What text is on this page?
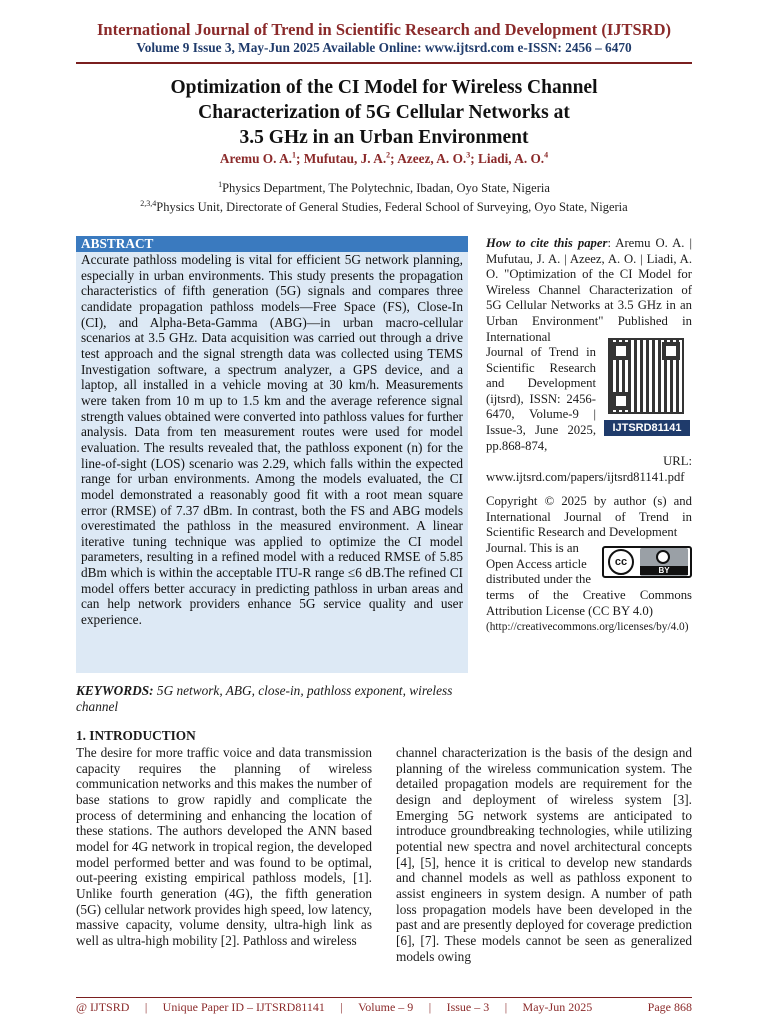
International Journal of Trend in Scientific Research and Development (IJTSRD)
Volume 9 Issue 3, May-Jun 2025 Available Online: www.ijtsrd.com e-ISSN: 2456 – 6470
Optimization of the CI Model for Wireless Channel
Characterization of 5G Cellular Networks at
3.5 GHz in an Urban Environment
Aremu O. A.$^1$; Mufutau, J. A.$^2$; Azeez, A. O.$^3$; Liadi, A. O.$^4$
$^1$Physics Department, The Polytechnic, Ibadan, Oyo State, Nigeria
$^{2,3,4}$Physics Unit, Directorate of General Studies, Federal School of Surveying, Oyo State, Nigeria
ABSTRACT
Accurate pathloss modeling is vital for efficient 5G network planning, especially in urban environments. This study presents the propagation characteristics of fifth generation (5G) signals and compares three candidate propagation pathloss models—Free Space (FS), Close-In (CI), and Alpha-Beta-Gamma (ABG)—in urban macro-cellular scenarios at 3.5 GHz. Data acquisition was carried out through a drive test approach and the signal strength data was collected using TEMS Investigation software, a spectrum analyzer, a GPS device, and a laptop, all installed in a vehicle moving at 30 km/h. Measurements were taken from 10 m up to 1.5 km and the average reference signal strength values obtained were converted into pathloss values for further analysis. Data from ten measurement routes were used for model evaluation. The results revealed that, the pathloss exponent (n) for the line-of-sight (LOS) scenario was 2.29, which falls within the expected range for urban environments. Among the models evaluated, the CI model demonstrated a reasonably good fit with a root mean square error (RMSE) of 7.37 dBm. In contrast, both the FS and ABG models overestimated the pathloss in the measured environment. A linear iterative tuning technique was applied to optimize the CI model parameters, resulting in a refined model with a reduced RMSE of 5.85 dBm which is within the acceptable ITU-R range ≤6 dB.The refined CI model offers better accuracy in predicting pathloss in urban areas and can help network providers enhance 5G service quality and user experience.
KEYWORDS: 5G network, ABG, close-in, pathloss exponent, wireless channel
How to cite this paper: Aremu O. A. | Mufutau, J. A. | Azeez, A. O. | Liadi, A. O. "Optimization of the CI Model for Wireless Channel Characterization of 5G Cellular Networks at 3.5 GHz in an Urban Environment" Published in International
Journal of Trend in Scientific Research and Development (ijtsrd), ISSN: 2456-6470, Volume-9 | Issue-3, June 2025, pp.868-874,
IJTSRD81141
URL:
www.ijtsrd.com/papers/ijtsrd81141.pdf
Copyright © 2025 by author (s) and International Journal of Trend in Scientific Research and Development
Journal. This is an Open Access article distributed under the
cc
BY
terms of the Creative Commons Attribution License (CC BY 4.0)
(http://creativecommons.org/licenses/by/4.0)
1. INTRODUCTION
The desire for more traffic voice and data transmission capacity requires the planning of wireless communication networks and this makes the number of base stations to grow rapidly and complicate the process of determining and enhancing the location of these stations. The authors developed the ANN based model for 4G network in tropical region, the developed model performed better and was found to be optimal, out-peering existing empirical pathloss models, [1]. Unlike fourth generation (4G), the fifth generation (5G) cellular network provides high speed, low latency, massive capacity, volume density, ultra-high link as well as ultra-high mobility [2]. Pathloss and wireless
channel characterization is the basis of the design and planning of the wireless communication system. The detailed propagation models are requirement for the design and deployment of wireless system [3]. Emerging 5G network systems are anticipated to introduce groundbreaking technologies, while utilizing potential new spectra and novel architectural concepts [4], [5], hence it is critical to develop new standards and channel models as well as pathloss exponent to assist engineers in system design. A number of path loss propagation models have been developed in the past and are presently deployed for coverage prediction [6], [7]. These models cannot be seen as generalized models owing
@ IJTSRD | Unique Paper ID – IJTSRD81141 | Volume – 9 | Issue – 3 | May-Jun 2025	Page 868
